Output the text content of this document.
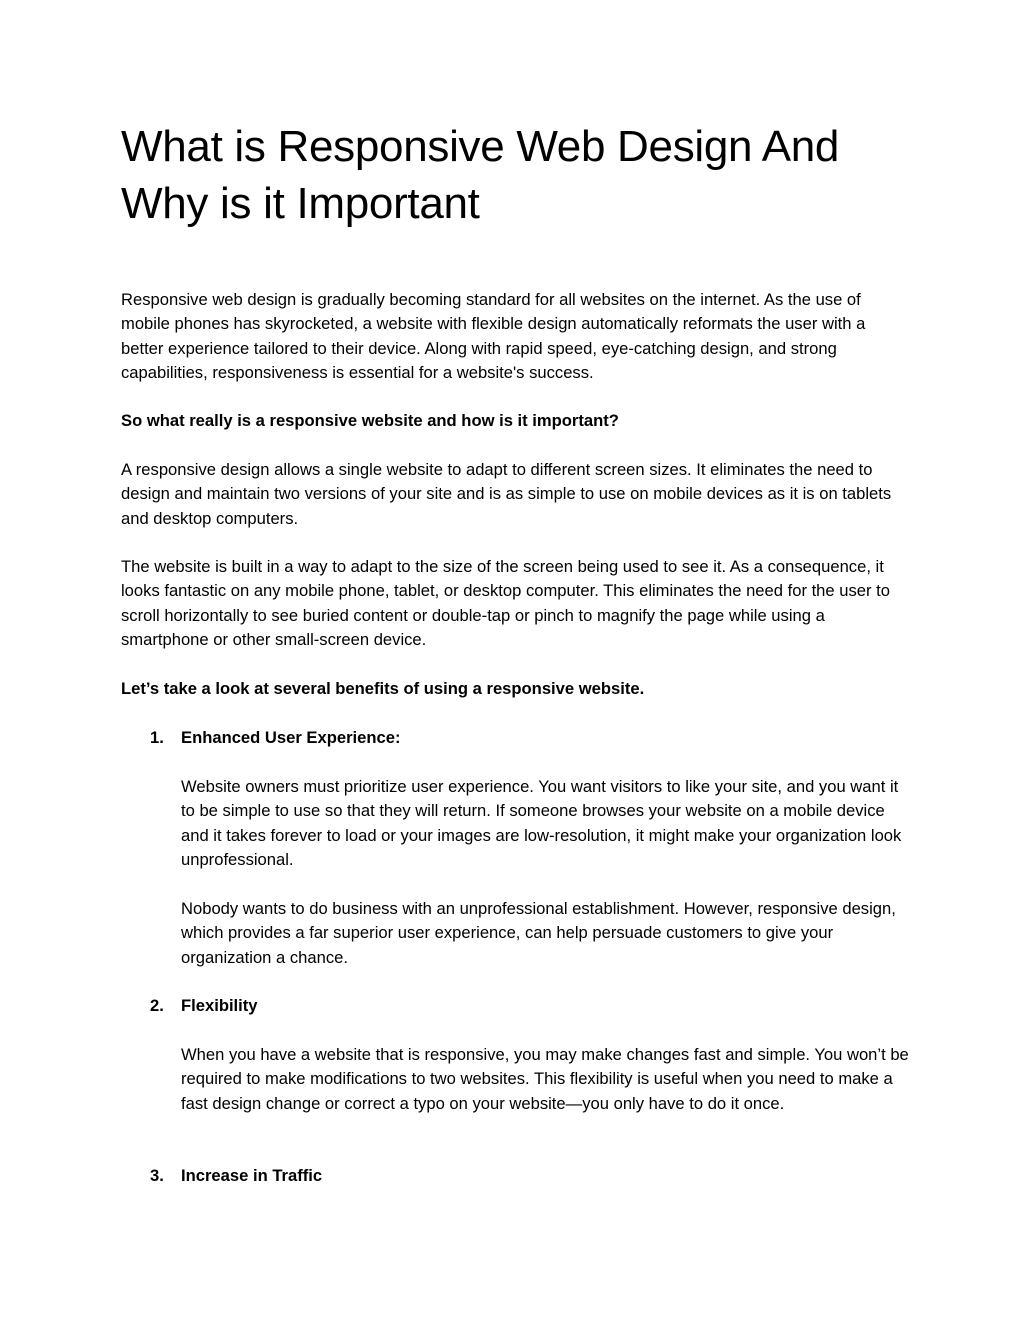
What is Responsive Web Design And Why is it Important

Responsive web design is gradually becoming standard for all websites on the internet. As the use of mobile phones has skyrocketed, a website with flexible design automatically reformats the user with a better experience tailored to their device. Along with rapid speed, eye-catching design, and strong capabilities, responsiveness is essential for a website's success.

So what really is a responsive website and how is it important?

A responsive design allows a single website to adapt to different screen sizes. It eliminates the need to design and maintain two versions of your site and is as simple to use on mobile devices as it is on tablets and desktop computers.

The website is built in a way to adapt to the size of the screen being used to see it. As a consequence, it looks fantastic on any mobile phone, tablet, or desktop computer. This eliminates the need for the user to scroll horizontally to see buried content or double-tap or pinch to magnify the page while using a smartphone or other small-screen device.

Let’s take a look at several benefits of using a responsive website.

1. Enhanced User Experience:

Website owners must prioritize user experience. You want visitors to like your site, and you want it to be simple to use so that they will return. If someone browses your website on a mobile device and it takes forever to load or your images are low-resolution, it might make your organization look unprofessional.

Nobody wants to do business with an unprofessional establishment. However, responsive design, which provides a far superior user experience, can help persuade customers to give your organization a chance.

2. Flexibility

When you have a website that is responsive, you may make changes fast and simple. You won’t be required to make modifications to two websites. This flexibility is useful when you need to make a fast design change or correct a typo on your website—you only have to do it once.

3. Increase in Traffic
